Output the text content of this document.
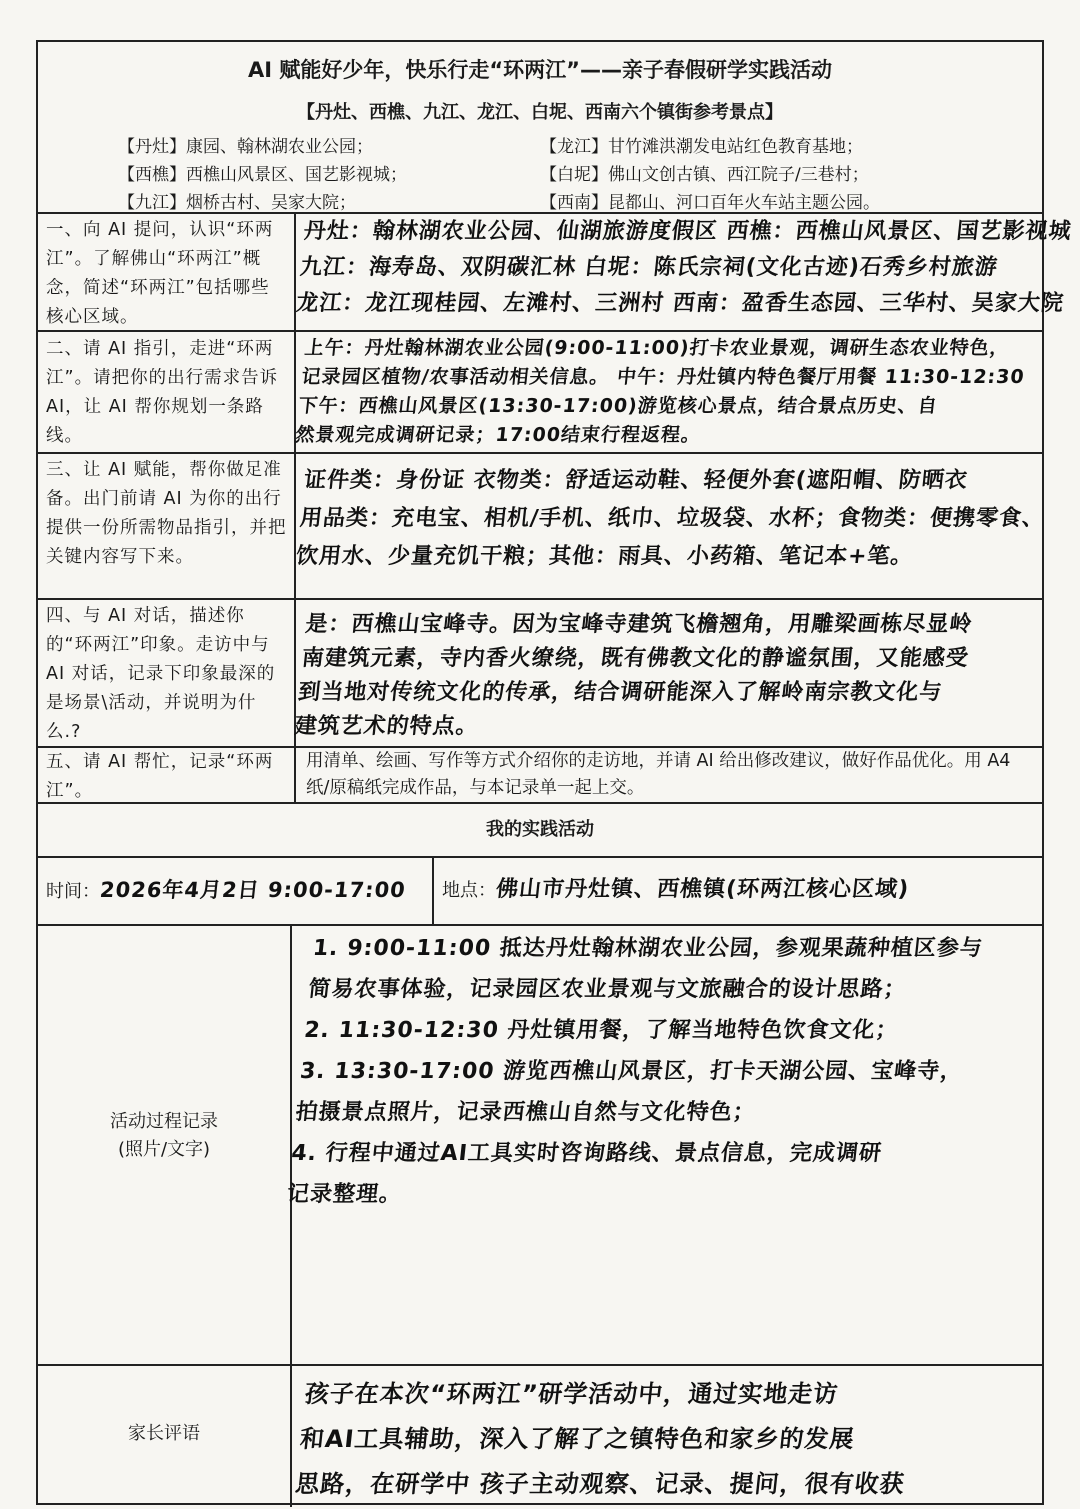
AI 赋能好少年，快乐行走“环两江”——亲子春假研学实践活动
【丹灶、西樵、九江、龙江、白坭、西南六个镇街参考景点】
【丹灶】康园、翰林湖农业公园；
【西樵】西樵山风景区、国艺影视城；
【九江】烟桥古村、吴家大院；
【龙江】甘竹滩洪潮发电站红色教育基地；
【白坭】佛山文创古镇、西江院子/三巷村；
【西南】昆都山、河口百年火车站主题公园。
一、向 AI 提问，认识“环两江”。了解佛山“环两江”概念，简述“环两江”包括哪些核心区域。
丹灶：翰林湖农业公园、仙湖旅游度假区 西樵：西樵山风景区、国艺影视城
九江：海寿岛、双阴碳汇林 白坭：陈氏宗祠(文化古迹)石秀乡村旅游
龙江：龙江现桂园、左滩村、三洲村 西南：盈香生态园、三华村、吴家大院
二、请 AI 指引，走进“环两江”。请把你的出行需求告诉 AI，让 AI 帮你规划一条路线。
上午：丹灶翰林湖农业公园(9:00-11:00)打卡农业景观，调研生态农业特色，
记录园区植物/农事活动相关信息。 中午：丹灶镇内特色餐厅用餐 11:30-12:30
下午：西樵山风景区(13:30-17:00)游览核心景点，结合景点历史、自
然景观完成调研记录；17:00结束行程返程。
三、让 AI 赋能，帮你做足准备。出门前请 AI 为你的出行提供一份所需物品指引，并把关键内容写下来。
证件类：身份证 衣物类：舒适运动鞋、轻便外套(遮阳帽、防晒衣
用品类：充电宝、相机/手机、纸巾、垃圾袋、水杯；食物类：便携零食、
饮用水、少量充饥干粮；其他：雨具、小药箱、笔记本+笔。
四、与 AI 对话，描述你的“环两江”印象。走访中与 AI 对话，记录下印象最深的是场景\活动，并说明为什么.?
是：西樵山宝峰寺。因为宝峰寺建筑飞檐翘角，用雕梁画栋尽显岭
南建筑元素，寺内香火缭绕，既有佛教文化的静谧氛围，又能感受
到当地对传统文化的传承，结合调研能深入了解岭南宗教文化与
建筑艺术的特点。
五、请 AI 帮忙，记录“环两江”。
用清单、绘画、写作等方式介绍你的走访地，并请 AI 给出修改建议，做好作品优化。用 A4 纸/原稿纸完成作品，与本记录单一起上交。
我的实践活动
时间：2026年4月2日 9:00-17:00 地点：佛山市丹灶镇、西樵镇(环两江核心区域)
活动过程记录
(照片/文字)
1. 9:00-11:00 抵达丹灶翰林湖农业公园，参观果蔬种植区参与
简易农事体验，记录园区农业景观与文旅融合的设计思路；
2. 11:30-12:30 丹灶镇用餐，了解当地特色饮食文化；
3. 13:30-17:00 游览西樵山风景区，打卡天湖公园、宝峰寺，
拍摄景点照片，记录西樵山自然与文化特色；
4. 行程中通过AI工具实时咨询路线、景点信息，完成调研
记录整理。
家长评语
孩子在本次“环两江”研学活动中，通过实地走访
和AI工具辅助，深入了解了之镇特色和家乡的发展
思路，在研学中 孩子主动观察、记录、提问，很有收获
